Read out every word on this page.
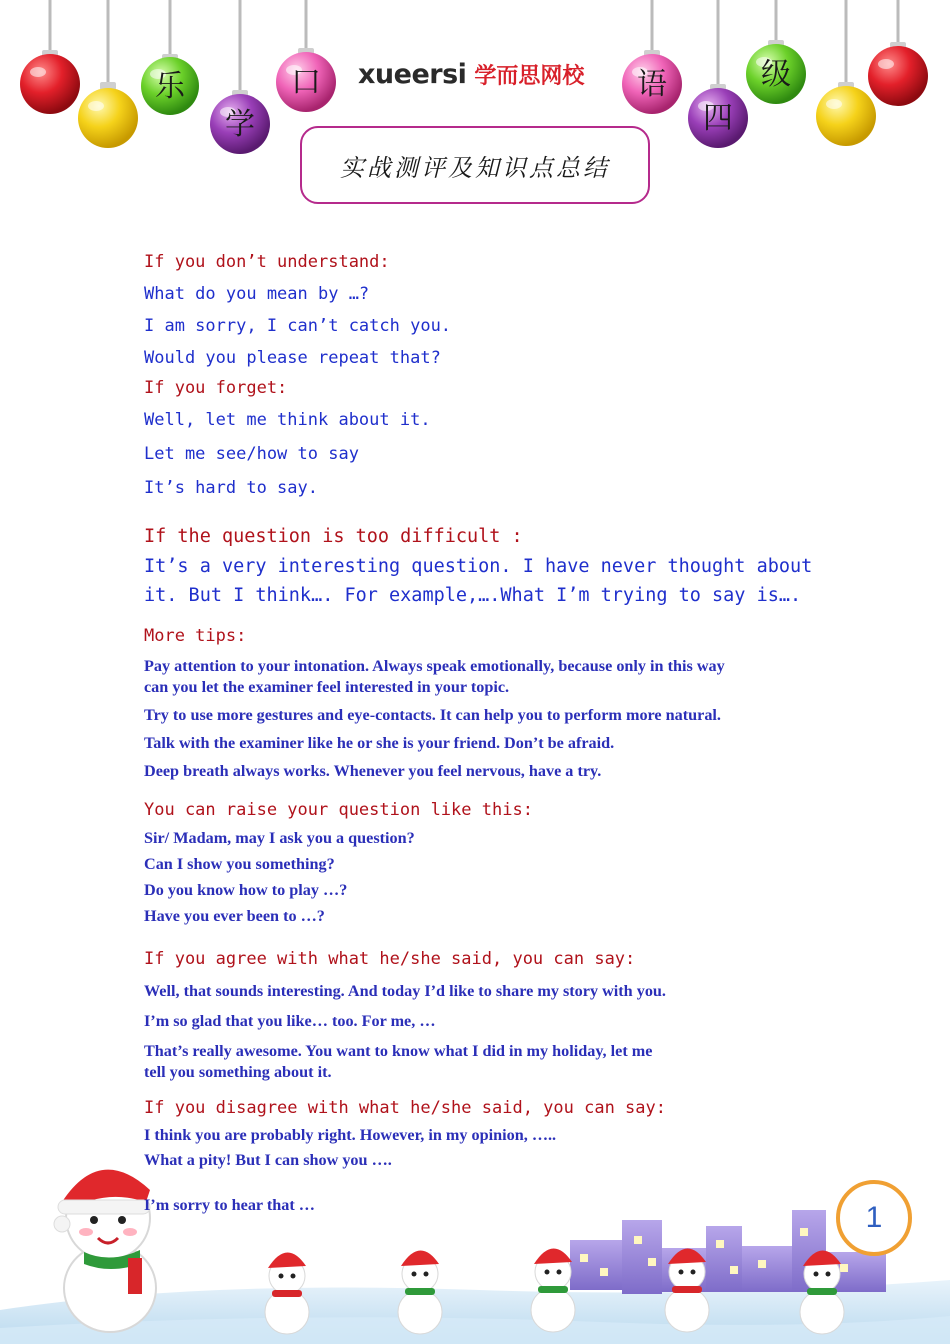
乐
学
口	语
四
级
xueersi 学而思网校
实战测评及知识点总结
If you don’t understand:
What do you mean by …?
I am sorry, I can’t catch you.
Would you please repeat that?
If you forget:
Well, let me think about it.
Let me see/how to say
It’s hard to say.
If the question is too difficult :
It’s a very interesting question. I have never thought about
it. But I think…. For example,….What I’m trying to say is….
More tips:
Pay attention to your intonation. Always speak emotionally, because only in this way
can you let the examiner feel interested in your topic.
Try to use more gestures and eye-contacts. It can help you to perform more natural.
Talk with the examiner like he or she is your friend. Don’t be afraid.
Deep breath always works. Whenever you feel nervous, have a try.
You can raise your question like this:
Sir/ Madam, may I ask you a question?
Can I show you something?
Do you know how to play …?
Have you ever been to …?
If you agree with what he/she said, you can say:
Well, that sounds interesting. And today I’d like to share my story with you.
I’m so glad that you like… too. For me, …
That’s really awesome. You want to know what I did in my holiday, let me
tell you something about it.
If you disagree with what he/she said, you can say:
I think you are probably right. However, in my opinion, …..
What a pity! But I can show you ….
I’m sorry to hear that …	1
